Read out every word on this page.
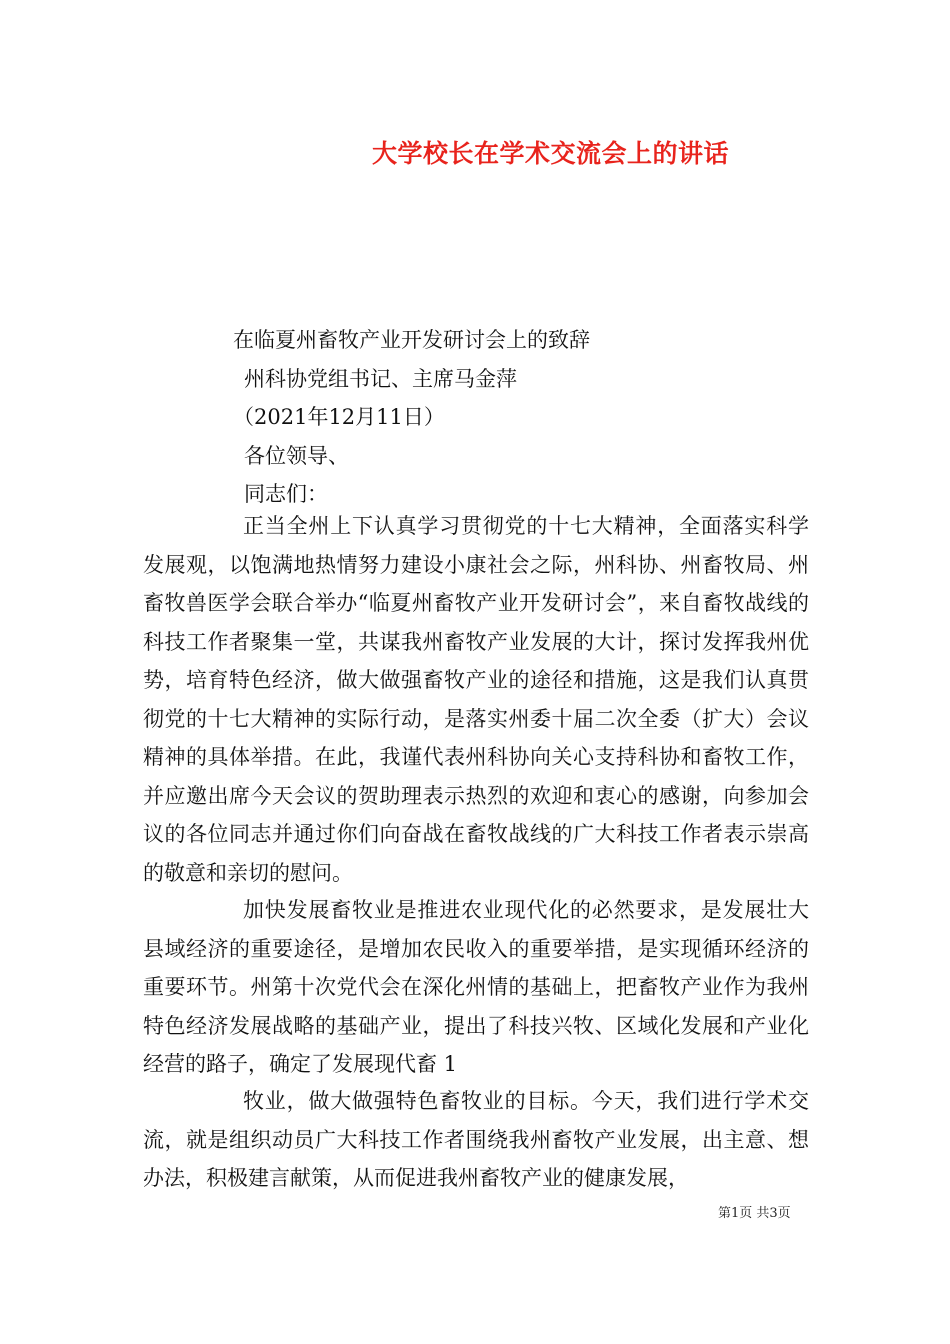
大学校长在学术交流会上的讲话
在临夏州畜牧产业开发研讨会上的致辞
州科协党组书记、主席马金萍
（2021年12月11日）
各位领导、
同志们：
正当全州上下认真学习贯彻党的十七大精神，全面落实科学发展观，以饱满地热情努力建设小康社会之际，州科协、州畜牧局、州畜牧兽医学会联合举办“临夏州畜牧产业开发研讨会”，来自畜牧战线的科技工作者聚集一堂，共谋我州畜牧产业发展的大计，探讨发挥我州优势，培育特色经济，做大做强畜牧产业的途径和措施，这是我们认真贯彻党的十七大精神的实际行动，是落实州委十届二次全委（扩大）会议精神的具体举措。在此，我谨代表州科协向关心支持科协和畜牧工作，并应邀出席今天会议的贺助理表示热烈的欢迎和衷心的感谢，向参加会议的各位同志并通过你们向奋战在畜牧战线的广大科技工作者表示崇高的敬意和亲切的慰问。
加快发展畜牧业是推进农业现代化的必然要求，是发展壮大县域经济的重要途径，是增加农民收入的重要举措，是实现循环经济的重要环节。州第十次党代会在深化州情的基础上，把畜牧产业作为我州特色经济发展战略的基础产业，提出了科技兴牧、区域化发展和产业化经营的路子，确定了发展现代畜 1
牧业，做大做强特色畜牧业的目标。今天，我们进行学术交流，就是组织动员广大科技工作者围绕我州畜牧产业发展，出主意、想办法，积极建言献策，从而促进我州畜牧产业的健康发展，
第1页 共3页
